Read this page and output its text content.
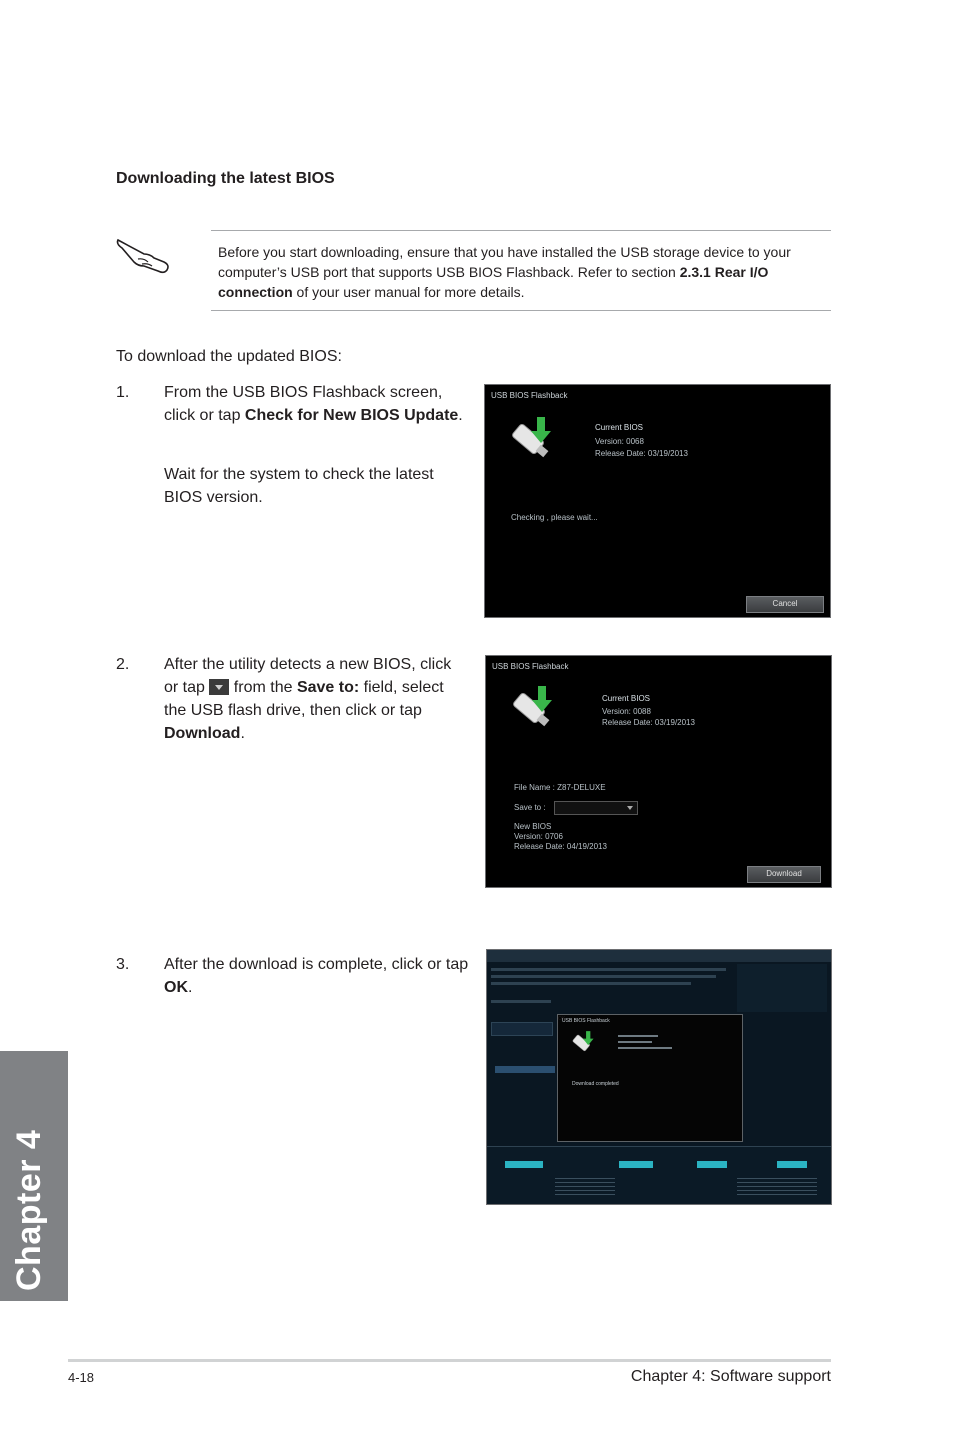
Downloading the latest BIOS
Before you start downloading, ensure that you have installed the USB storage device to your computer’s USB port that supports USB BIOS Flashback. Refer to section 2.3.1 Rear I/O connection of your user manual for more details.
To download the updated BIOS:
1. From the USB BIOS Flashback screen, click or tap Check for New BIOS Update.
Wait for the system to check the latest BIOS version.
USB BIOS Flashback
Current BIOS
Version: 0068
Release Date: 03/19/2013
Checking , please wait...
Cancel
2. After the utility detects a new BIOS, click or tap  from the Save to: field, select the USB flash drive, then click or tap Download.
USB BIOS Flashback
Current BIOS
Version: 0088
Release Date: 03/19/2013
File Name : Z87-DELUXE
Save to :
New BIOS
Version: 0706
Release Date: 04/19/2013
Download
3. After the download is complete, click or tap OK.
USB BIOS Flashback
Download completed
OK
Chapter 4
4-18	Chapter 4: Software support
